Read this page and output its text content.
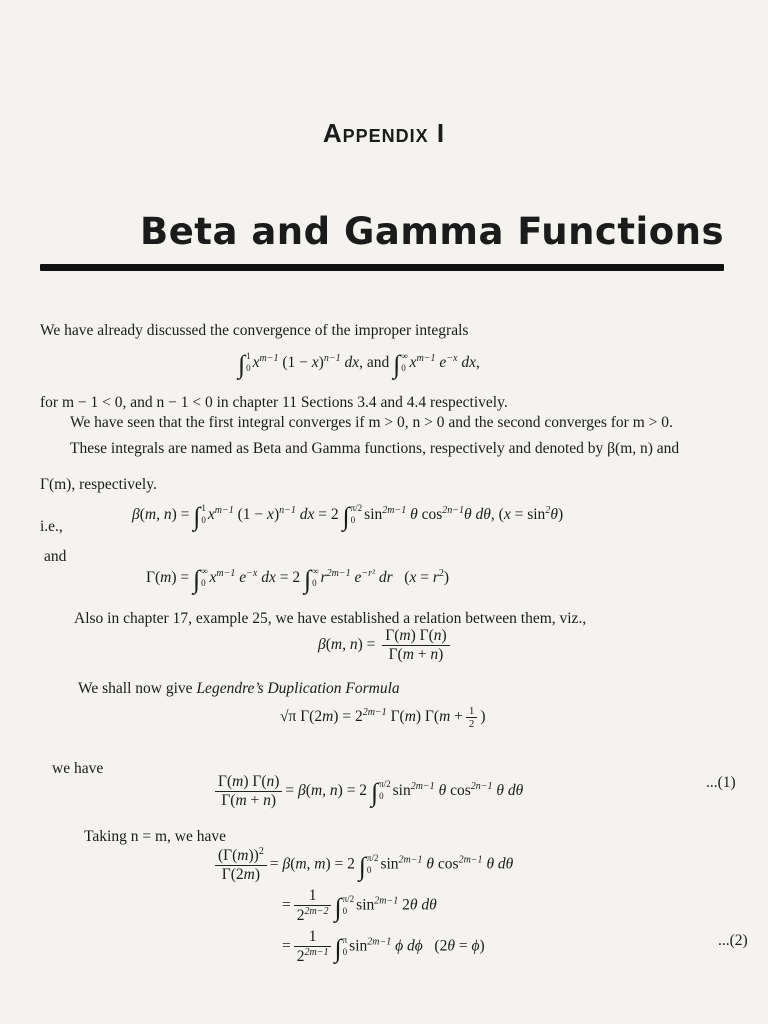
Appendix I
Beta and Gamma Functions
We have already discussed the convergence of the improper integrals
∫1
0 $x^{m-1}$ $(1 - x)^{n-1}$ dx, and ∫∞
0 $x^{m-1}$ $e^{-x}$ dx,
for m − 1 < 0, and n − 1 < 0 in chapter 11 Sections 3.4 and 4.4 respectively.
We have seen that the first integral converges if m > 0, n > 0 and the second converges for m > 0.
These integrals are named as Beta and Gamma functions, respectively and denoted by β(m, n) and
Γ(m), respectively.
i.e.,
β(m, n) = ∫1
0 $x^{m-1}$ $(1 - x)^{n-1}$ dx = 2 ∫π/2
0 $\sin^{2m-1} \theta$ $\cos^{2n-1}\theta$ dθ, $(x = \sin^2\theta)$
and
Γ(m) = ∫∞
0 $x^{m-1}$ $e^{-x}$ dx = 2 ∫∞
0 $r^{2m-1}$ $e^{-r^2}$ dr   $(x = r^2)$
Also in chapter 17, example 25, we have established a relation between them, viz.,
β(m, $n) = \frac{\Gamma(m) \Gamma(n)}{\Gamma(m + n)}$
We shall now give Legendre’s Duplication Formula
√π $\Gamma(2m) = 2^{2m-1}$ Γ(m) $\Gamma(m + \frac{1}{2}$ )
we have
$\frac{\Gamma(m) \Gamma(n)}{\Gamma(m + n)} = \beta(m$, n) = 2 ∫π/2
0 $\sin^{2m-1} \theta$ $\cos^{2n-1} \theta$ dθ	...(1)
Taking n = m, we have
$\frac{(\Gamma(m))^2}{\Gamma(2m)} = \beta(m$, m) = 2 ∫π/2
0 $\sin^{2m-1} \theta$ $\cos^{2m-1} \theta$ dθ
= $\frac{1}{2^{2m-2}} \int\pi/2$
0 $\sin^{2m-1} 2\theta$ dθ
= $\frac{1}{2^{2m-1}} \int\pi$
0 $\sin^{2m-1} \phi$ dϕ   (2θ = ϕ)	...(2)
